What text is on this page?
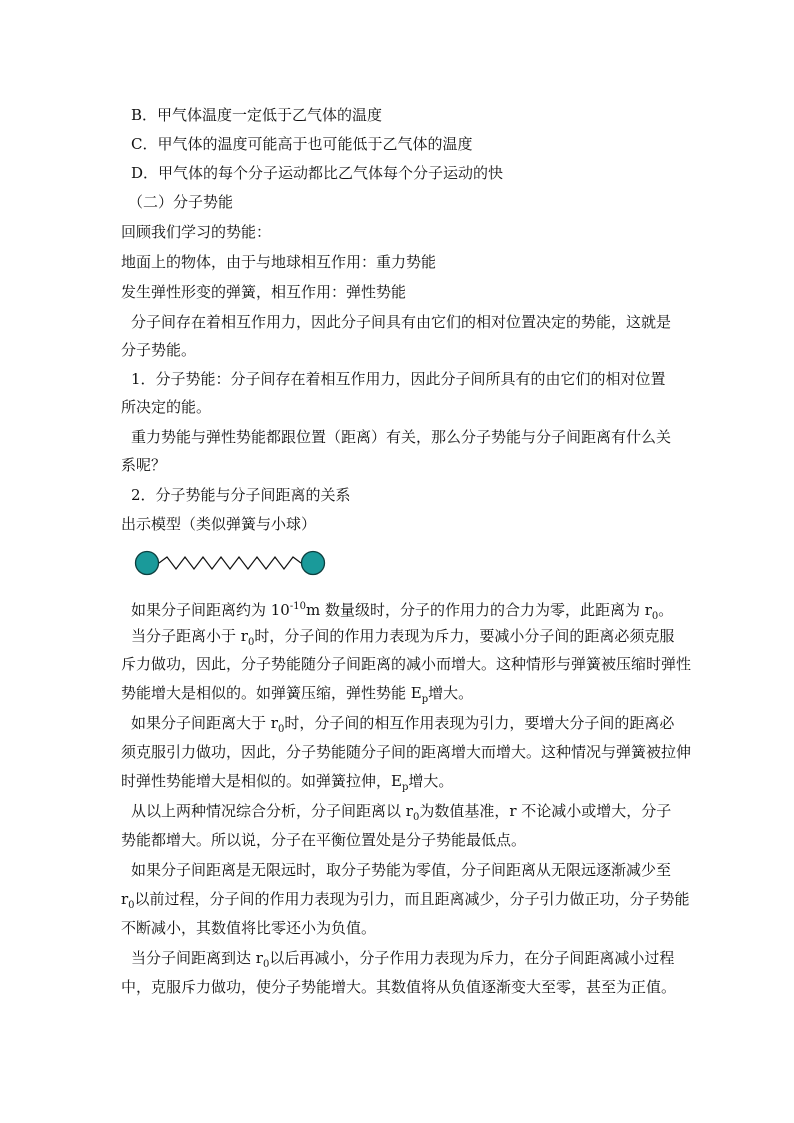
B．甲气体温度一定低于乙气体的温度
C．甲气体的温度可能高于也可能低于乙气体的温度
D．甲气体的每个分子运动都比乙气体每个分子运动的快
（二）分子势能
回顾我们学习的势能：
地面上的物体，由于与地球相互作用：重力势能
发生弹性形变的弹簧，相互作用：弹性势能
分子间存在着相互作用力，因此分子间具有由它们的相对位置决定的势能，这就是
分子势能。
1．分子势能：分子间存在着相互作用力，因此分子间所具有的由它们的相对位置
所决定的能。
重力势能与弹性势能都跟位置（距离）有关，那么分子势能与分子间距离有什么关
系呢？
2．分子势能与分子间距离的关系
出示模型（类似弹簧与小球）
如果分子间距离约为 $10^{-10}m$ 数量级时，分子的作用力的合力为零，此距离为 $r_0$。
当分子距离小于 $r_0$时，分子间的作用力表现为斥力，要减小分子间的距离必须克服
斥力做功，因此，分子势能随分子间距离的减小而增大。这种情形与弹簧被压缩时弹性
势能增大是相似的。如弹簧压缩，弹性势能 $E_p$增大。
如果分子间距离大于 $r_0$时，分子间的相互作用表现为引力，要增大分子间的距离必
须克服引力做功，因此，分子势能随分子间的距离增大而增大。这种情况与弹簧被拉伸
时弹性势能增大是相似的。如弹簧拉伸，$E_p$增大。
从以上两种情况综合分析，分子间距离以 $r_0$为数值基准，r 不论减小或增大，分子
势能都增大。所以说，分子在平衡位置处是分子势能最低点。
如果分子间距离是无限远时，取分子势能为零值，分子间距离从无限远逐渐减少至
$r_0$以前过程，分子间的作用力表现为引力，而且距离减少，分子引力做正功，分子势能
不断减小，其数值将比零还小为负值。
当分子间距离到达 $r_0$以后再减小，分子作用力表现为斥力，在分子间距离减小过程
中，克服斥力做功，使分子势能增大。其数值将从负值逐渐变大至零，甚至为正值。
